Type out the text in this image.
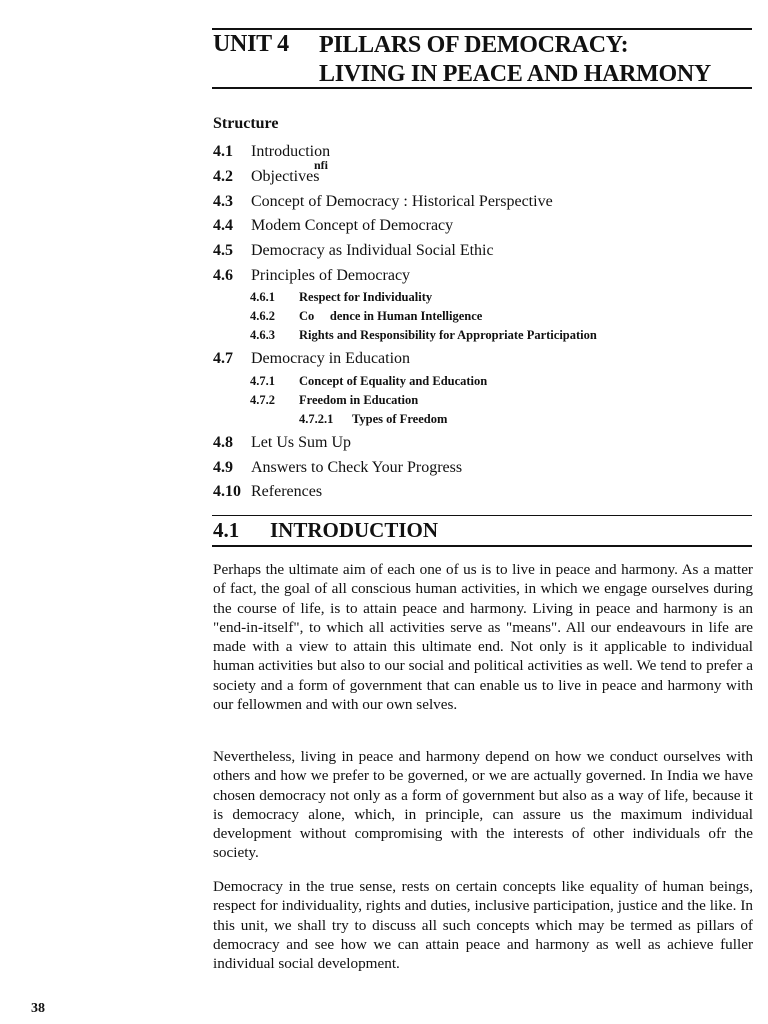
UNIT 4 PILLARS OF DEMOCRACY:
LIVING IN PEACE AND HARMONY
Structure
4.1 Introduction
4.2 Objectives
4.3 Concept of Democracy : Historical Perspective
4.4 Modem Concept of Democracy
4.5 Democracy as Individual Social Ethic
4.6 Principles of Democracy
4.6.1 Respect for Individuality
4.6.2 Co     dence in Human Intelligence
4.6.3 Rights and Responsibility for Appropriate Participation
4.7 Democracy in Education
4.7.1 Concept of Equality and Education
4.7.2 Freedom in Education
4.7.2.1 Types of Freedom
4.8 Let Us Sum Up
4.9 Answers to Check Your Progress
4.10 References
nfi
4.1 INTRODUCTION

Perhaps the ultimate aim of each one of us is to live in peace and harmony. As a matter of fact, the goal of all conscious human activities, in which we engage ourselves during the course of life, is to attain peace and harmony. Living in peace and harmony is an "end-in-itself", to which all activities serve as "means". All our endeavours in life are made with a view to attain this ultimate end. Not only is it applicable to individual human activities but also to our social and political activities as well. We tend to prefer a society and a form of government that can enable us to live in peace and harmony with our fellowmen and with our own selves.

Nevertheless, living in peace and harmony depend on how we conduct ourselves with others and how we prefer to be governed, or we are actually governed. In India we have chosen democracy not only as a form of government but also as a way of life, because it is democracy alone, which, in principle, can assure us the maximum individual development without compromising with the interests of other individuals ofr the society.

Democracy in the true sense, rests on certain concepts like equality of human beings, respect for individuality, rights and duties, inclusive participation, justice and the like. In this unit, we shall try to discuss all such concepts which may be termed as pillars of democracy and see how we can attain peace and harmony as well as achieve fuller individual social development.

38
